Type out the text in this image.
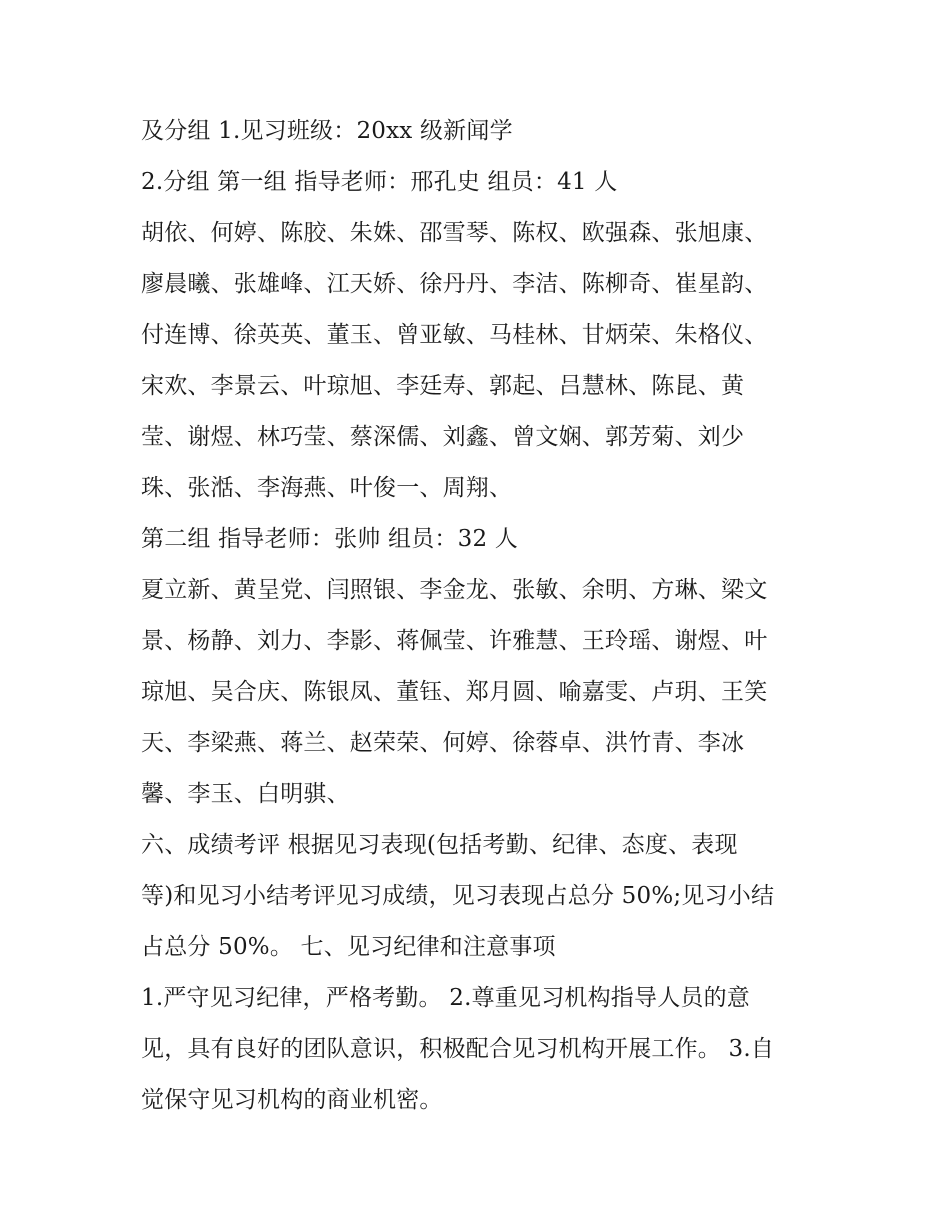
及分组 1.见习班级：20xx 级新闻学
2.分组 第一组 指导老师：邢孔史 组员：41 人
胡依、何婷、陈胶、朱姝、邵雪琴、陈权、欧强森、张旭康、
廖晨曦、张雄峰、江天娇、徐丹丹、李洁、陈柳奇、崔星韵、
付连博、徐英英、董玉、曾亚敏、马桂林、甘炳荣、朱格仪、
宋欢、李景云、叶琼旭、李廷寿、郭起、吕慧林、陈昆、黄
莹、谢煜、林巧莹、蔡深儒、刘鑫、曾文娴、郭芳菊、刘少
珠、张湉、李海燕、叶俊一、周翔、
第二组 指导老师：张帅 组员：32 人
夏立新、黄呈党、闫照银、李金龙、张敏、余明、方琳、梁文
景、杨静、刘力、李影、蒋佩莹、许雅慧、王玲瑶、谢煜、叶
琼旭、吴合庆、陈银凤、董钰、郑月圆、喻嘉雯、卢玥、王笑
天、李梁燕、蒋兰、赵荣荣、何婷、徐蓉卓、洪竹青、李冰
馨、李玉、白明骐、
六、成绩考评 根据见习表现(包括考勤、纪律、态度、表现
等)和见习小结考评见习成绩，见习表现占总分 50%;见习小结
占总分 50%。 七、见习纪律和注意事项
1.严守见习纪律，严格考勤。 2.尊重见习机构指导人员的意
见，具有良好的团队意识，积极配合见习机构开展工作。 3.自
觉保守见习机构的商业机密。
